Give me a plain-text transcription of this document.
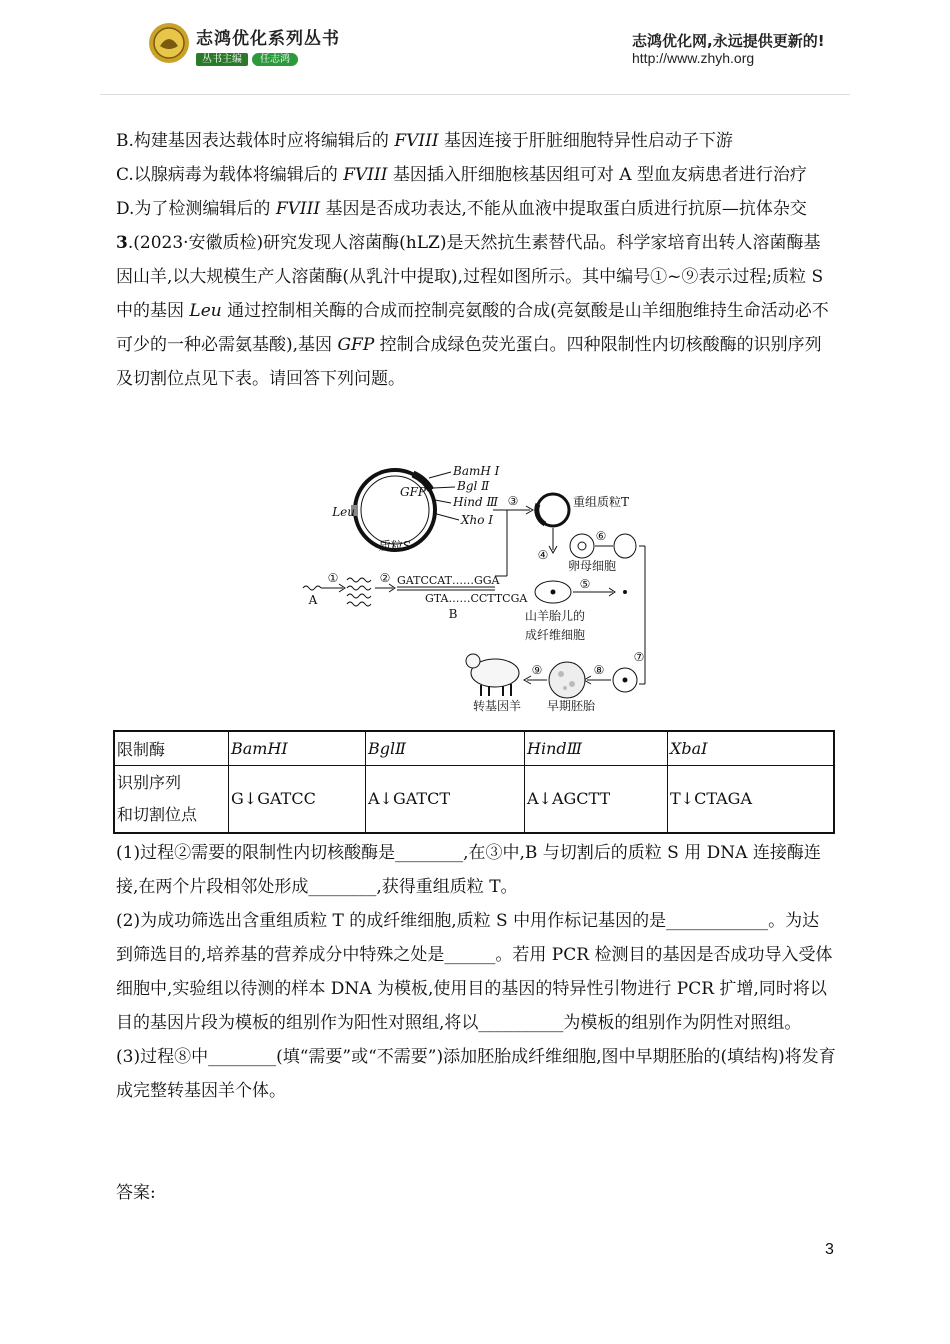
志鸿优化系列丛书
丛书主编 任志鸿
志鸿优化网,永远提供更新的!
http://www.zhyh.org

B.构建基因表达载体时应将编辑后的 FVIII 基因连接于肝脏细胞特异性启动子下游

C.以腺病毒为载体将编辑后的 FVIII 基因插入肝细胞核基因组可对 A 型血友病患者进行治疗

D.为了检测编辑后的 FVIII 基因是否成功表达,不能从血液中提取蛋白质进行抗原—抗体杂交

3.(2023·安徽质检)研究发现人溶菌酶(hLZ)是天然抗生素替代品。科学家培育出转人溶菌酶基因山羊,以大规模生产人溶菌酶(从乳汁中提取),过程如图所示。其中编号①~⑨表示过程;质粒 S 中的基因 Leu 通过控制相关酶的合成而控制亮氨酸的合成(亮氨酸是山羊细胞维持生命活动必不可少的一种必需氨基酸),基因 GFP 控制合成绿色荧光蛋白。四种限制性内切核酸酶的识别序列及切割位点见下表。请回答下列问题。

GFP
Leu
BamH Ⅰ
Bgl Ⅱ
Hind Ⅲ
Xho Ⅰ
质粒S
③	重组质粒T
④
⑥
卵母细胞
⑤
山羊胎儿的
成纤维细胞
⑦
⑧
早期胚胎
⑨
转基因羊
A
①	② GATCCAT……GGA
GTA……CCTTCGA
B
限制酶	BamHⅠ	BglⅡ	HindⅢ	XbaⅠ
识别序列
和切割位点	G↓GATCC	A↓GATCT	A↓AGCTT	T↓CTAGA

(1)过程②需要的限制性内切核酸酶是________,在③中,B 与切割后的质粒 S 用 DNA 连接酶连接,在两个片段相邻处形成________,获得重组质粒 T。

(2)为成功筛选出含重组质粒 T 的成纤维细胞,质粒 S 中用作标记基因的是____________。为达到筛选目的,培养基的营养成分中特殊之处是______。若用 PCR 检测目的基因是否成功导入受体细胞中,实验组以待测的样本 DNA 为模板,使用目的基因的特异性引物进行 PCR 扩增,同时将以目的基因片段为模板的组别作为阳性对照组,将以__________为模板的组别作为阴性对照组。

(3)过程⑧中________(填“需要”或“不需要”)添加胚胎成纤维细胞,图中早期胚胎的(填结构)将发育成完整转基因羊个体。

答案:
3
